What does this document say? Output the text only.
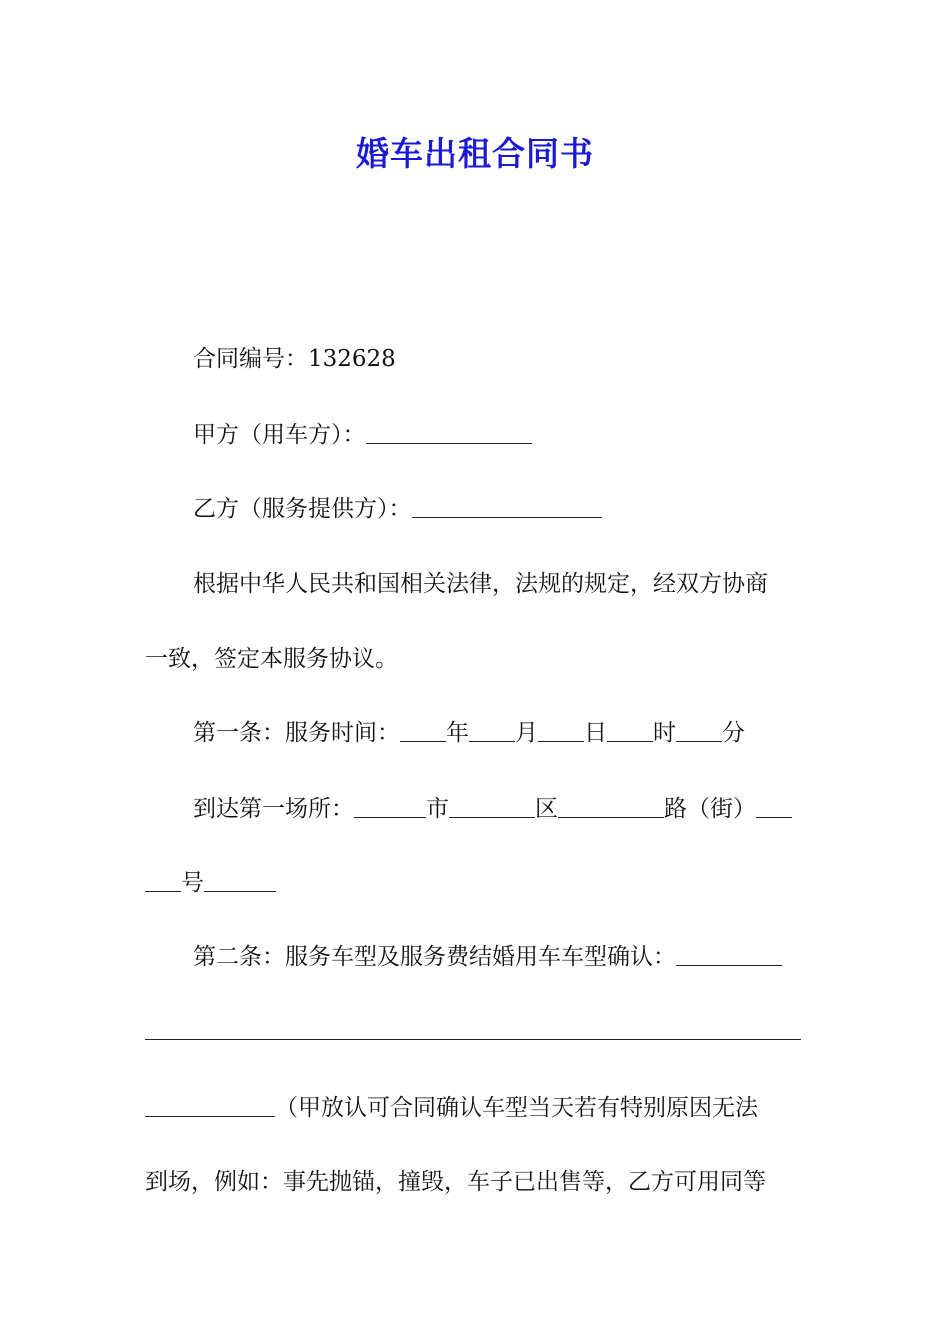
婚车出租合同书

合同编号：132628

甲方（用车方）：

乙方（服务提供方）：

根据中华人民共和国相关法律，法规的规定，经双方协商

一致，签定本服务协议。

第一条：服务时间： 年 月 日 时 分

到达第一场所：	市	区	路（街）

号

第二条：服务车型及服务费结婚用车车型确认：

（甲放认可合同确认车型当天若有特别原因无法

到场，例如：事先抛锚，撞毁，车子已出售等，乙方可用同等
